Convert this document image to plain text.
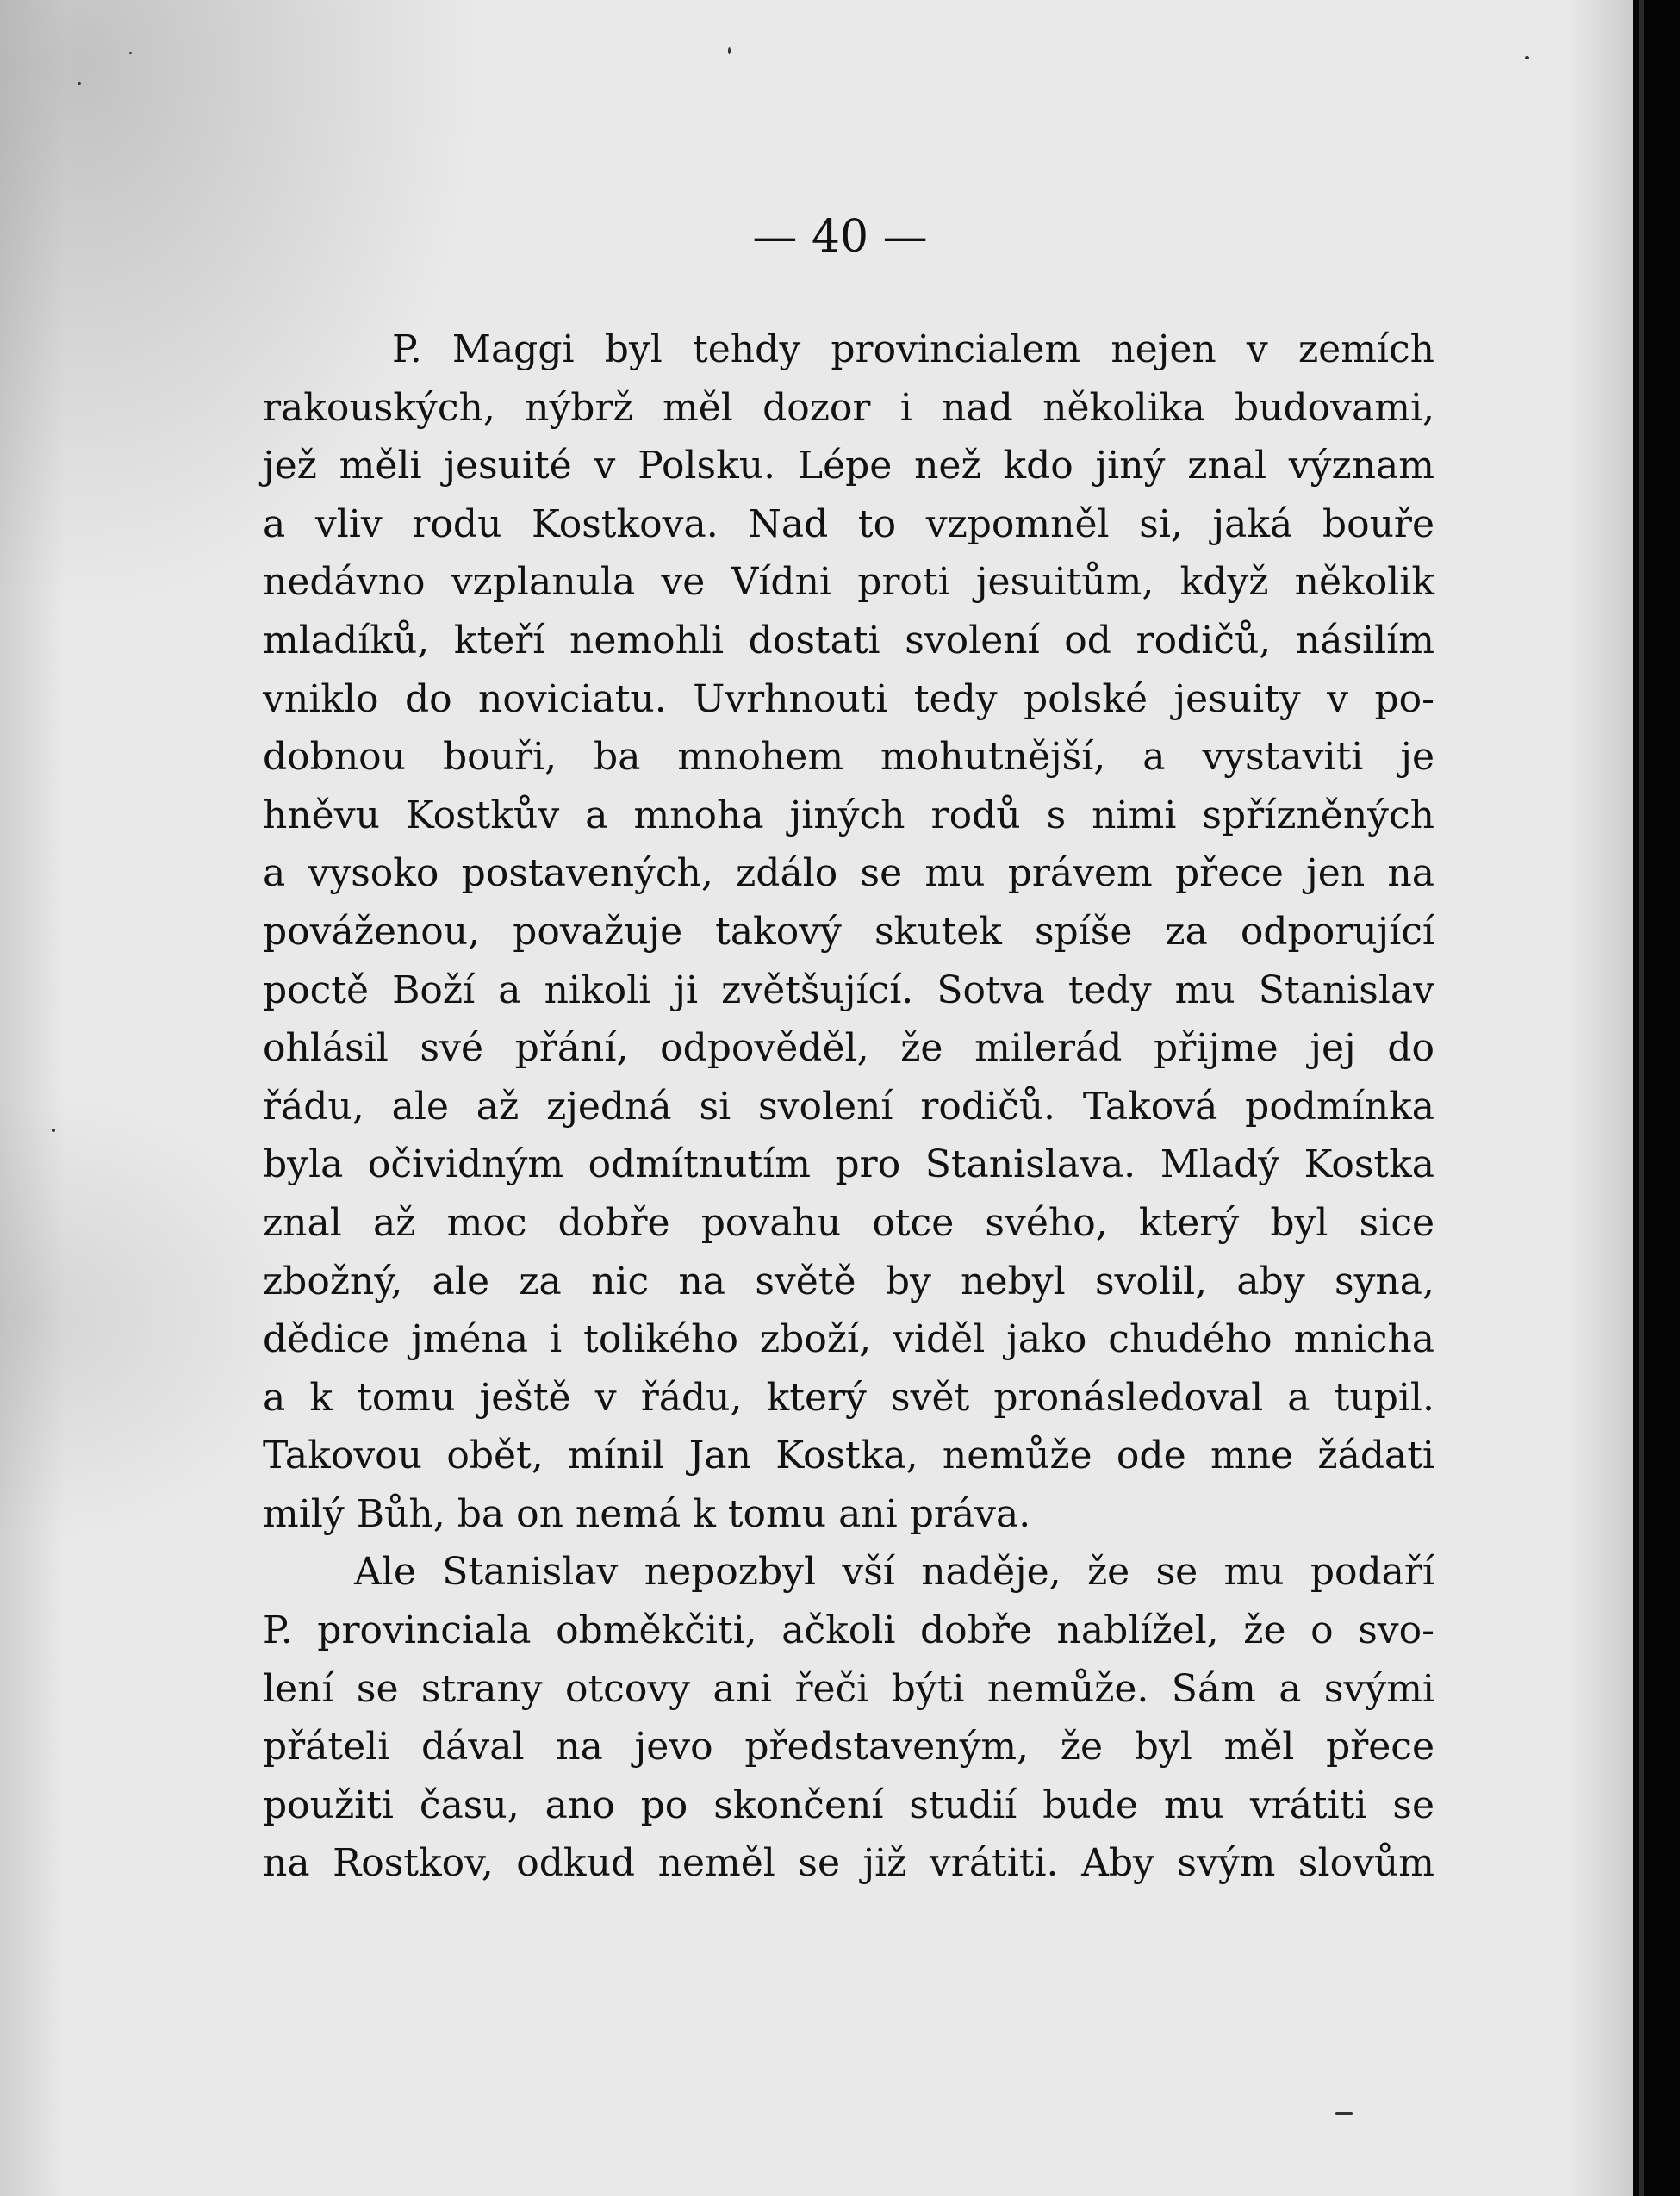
— 40 —
P. Maggi byl tehdy provincialem nejen v zemích
rakouských, nýbrž měl dozor i nad několika budovami,
jež měli jesuité v Polsku. Lépe než kdo jiný znal význam
a vliv rodu Kostkova. Nad to vzpomněl si, jaká bouře
nedávno vzplanula ve Vídni proti jesuitům, když několik
mladíků, kteří nemohli dostati svolení od rodičů, násilím
vniklo do noviciatu. Uvrhnouti tedy polské jesuity v po-
dobnou bouři, ba mnohem mohutnější, a vystaviti je
hněvu Kostkův a mnoha jiných rodů s nimi spřízněných
a vysoko postavených, zdálo se mu právem přece jen na
pováženou, považuje takový skutek spíše za odporující
poctě Boží a nikoli ji zvětšující. Sotva tedy mu Stanislav
ohlásil své přání, odpověděl, že milerád přijme jej do
řádu, ale až zjedná si svolení rodičů. Taková podmínka
byla očividným odmítnutím pro Stanislava. Mladý Kostka
znal až moc dobře povahu otce svého, který byl sice
zbožný, ale za nic na světě by nebyl svolil, aby syna,
dědice jména i tolikého zboží, viděl jako chudého mnicha
a k tomu ještě v řádu, který svět pronásledoval a tupil.
Takovou obět, mínil Jan Kostka, nemůže ode mne žádati
milý Bůh, ba on nemá k tomu ani práva.
Ale Stanislav nepozbyl vší naděje, že se mu podaří
P. provinciala obměkčiti, ačkoli dobře nablížel, že o svo-
lení se strany otcovy ani řeči býti nemůže. Sám a svými
přáteli dával na jevo představeným, že byl měl přece
použiti času, ano po skončení studií bude mu vrátiti se
na Rostkov, odkud neměl se již vrátiti. Aby svým slovům
